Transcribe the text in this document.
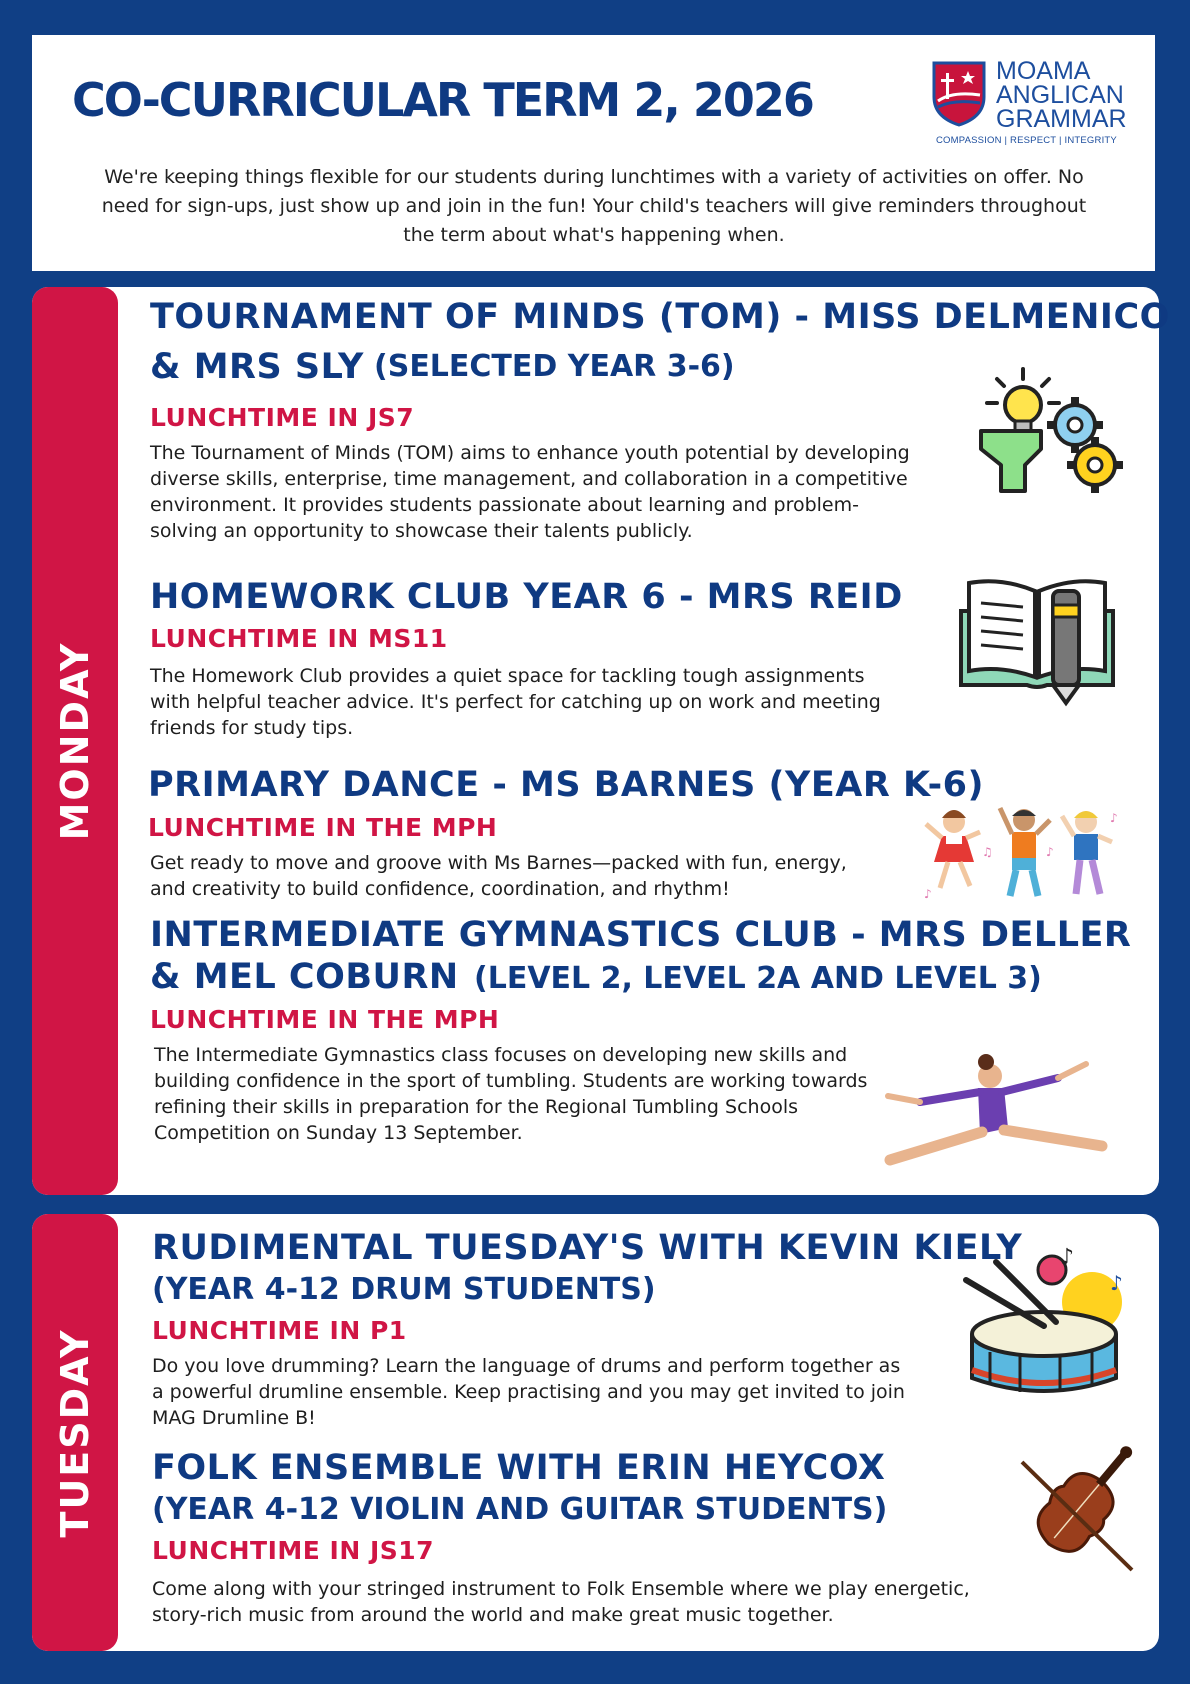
CO-CURRICULAR TERM 2, 2026
MOAMA
ANGLICAN
GRAMMAR
COMPASSION | RESPECT | INTEGRITY

We're keeping things flexible for our students during lunchtimes with a variety of activities on offer. No need for sign-ups, just show up and join in the fun! Your child's teachers will give reminders throughout the term about what's happening when.

MONDAY
TOURNAMENT OF MINDS (TOM) - MISS DELMENICO
& MRS SLY (SELECTED YEAR 3-6)
LUNCHTIME IN JS7

The Tournament of Minds (TOM) aims to enhance youth potential by developing diverse skills, enterprise, time management, and collaboration in a competitive environment. It provides students passionate about learning and problem-solving an opportunity to showcase their talents publicly.

HOMEWORK CLUB YEAR 6 - MRS REID
LUNCHTIME IN MS11

The Homework Club provides a quiet space for tackling tough assignments with helpful teacher advice. It's perfect for catching up on work and meeting friends for study tips.

PRIMARY DANCE - MS BARNES (YEAR K-6)
LUNCHTIME IN THE MPH

Get ready to move and groove with Ms Barnes—packed with fun, energy, and creativity to build confidence, coordination, and rhythm!	♪
♫	♪
♪
INTERMEDIATE GYMNASTICS CLUB - MRS DELLER
& MEL COBURN (LEVEL 2, LEVEL 2A AND LEVEL 3)
LUNCHTIME IN THE MPH

The Intermediate Gymnastics class focuses on developing new skills and building confidence in the sport of tumbling. Students are working towards refining their skills in preparation for the Regional Tumbling Schools Competition on Sunday 13 September.

TUESDAY
RUDIMENTAL TUESDAY'S WITH KEVIN KIELY
(YEAR 4-12 DRUM STUDENTS)
LUNCHTIME IN P1

Do you love drumming? Learn the language of drums and perform together as a powerful drumline ensemble. Keep practising and you may get invited to join MAG Drumline B!

♪
♪
FOLK ENSEMBLE WITH ERIN HEYCOX
(YEAR 4-12 VIOLIN AND GUITAR STUDENTS)
LUNCHTIME IN JS17

Come along with your stringed instrument to Folk Ensemble where we play energetic, story-rich music from around the world and make great music together.
